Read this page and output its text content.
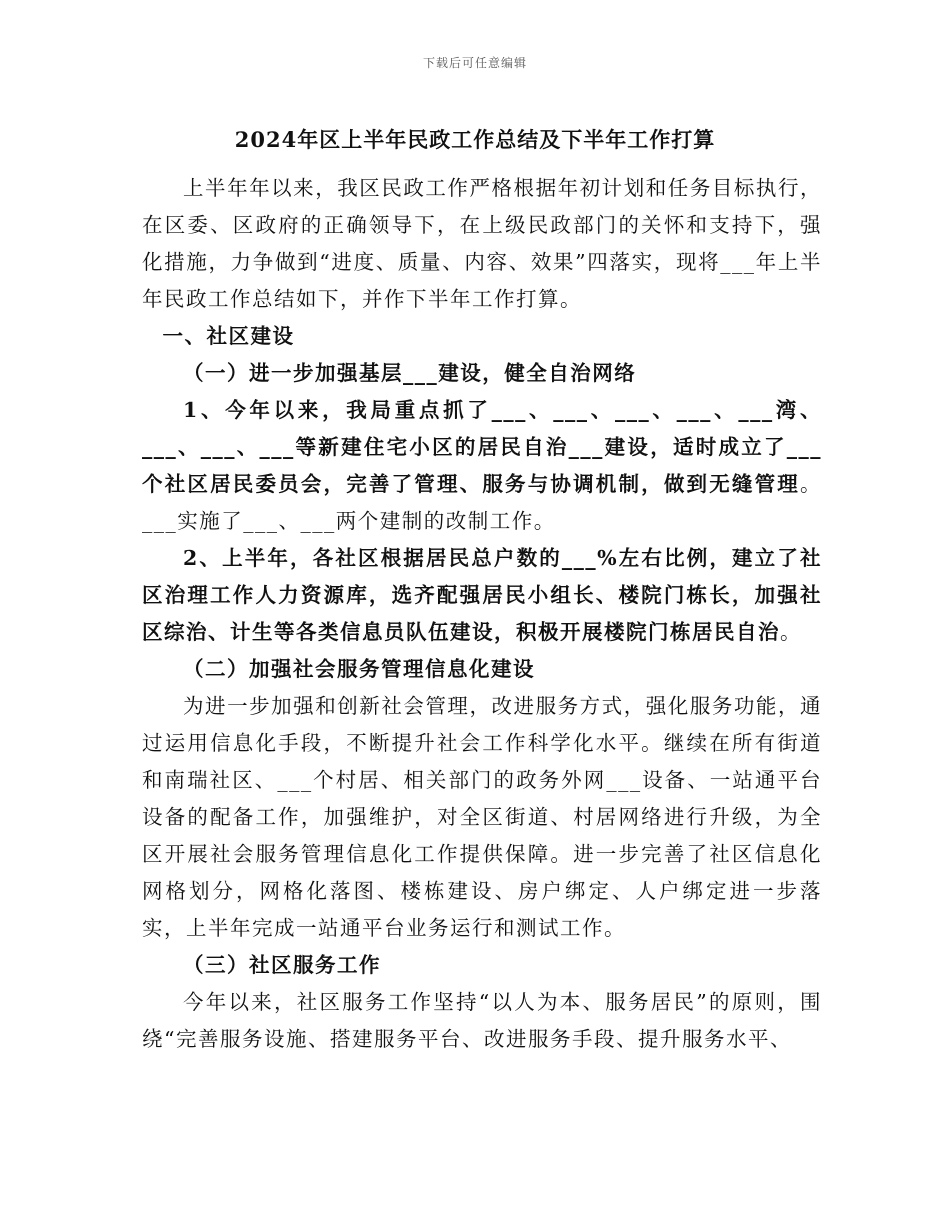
下载后可任意编辑
2024年区上半年民政工作总结及下半年工作打算

上半年年以来，我区民政工作严格根据年初计划和任务目标执行，在区委、区政府的正确领导下，在上级民政部门的关怀和支持下，强化措施，力争做到“进度、质量、内容、效果”四落实，现将___年上半年民政工作总结如下，并作下半年工作打算。

一、社区建设

（一）进一步加强基层___建设，健全自治网络

1、今年以来，我局重点抓了___、___、___、___、___湾、___、___、___等新建住宅小区的居民自治___建设，适时成立了___个社区居民委员会，完善了管理、服务与协调机制，做到无缝管理。___实施了___、___两个建制的改制工作。

2、上半年，各社区根据居民总户数的___%左右比例，建立了社区治理工作人力资源库，选齐配强居民小组长、楼院门栋长，加强社区综治、计生等各类信息员队伍建设，积极开展楼院门栋居民自治。

（二）加强社会服务管理信息化建设

为进一步加强和创新社会管理，改进服务方式，强化服务功能，通过运用信息化手段，不断提升社会工作科学化水平。继续在所有街道和南瑞社区、___个村居、相关部门的政务外网___设备、一站通平台设备的配备工作，加强维护，对全区街道、村居网络进行升级，为全区开展社会服务管理信息化工作提供保障。进一步完善了社区信息化网格划分，网格化落图、楼栋建设、房户绑定、人户绑定进一步落实，上半年完成一站通平台业务运行和测试工作。

（三）社区服务工作

今年以来，社区服务工作坚持“以人为本、服务居民”的原则，围绕“完善服务设施、搭建服务平台、改进服务手段、提升服务水平、
